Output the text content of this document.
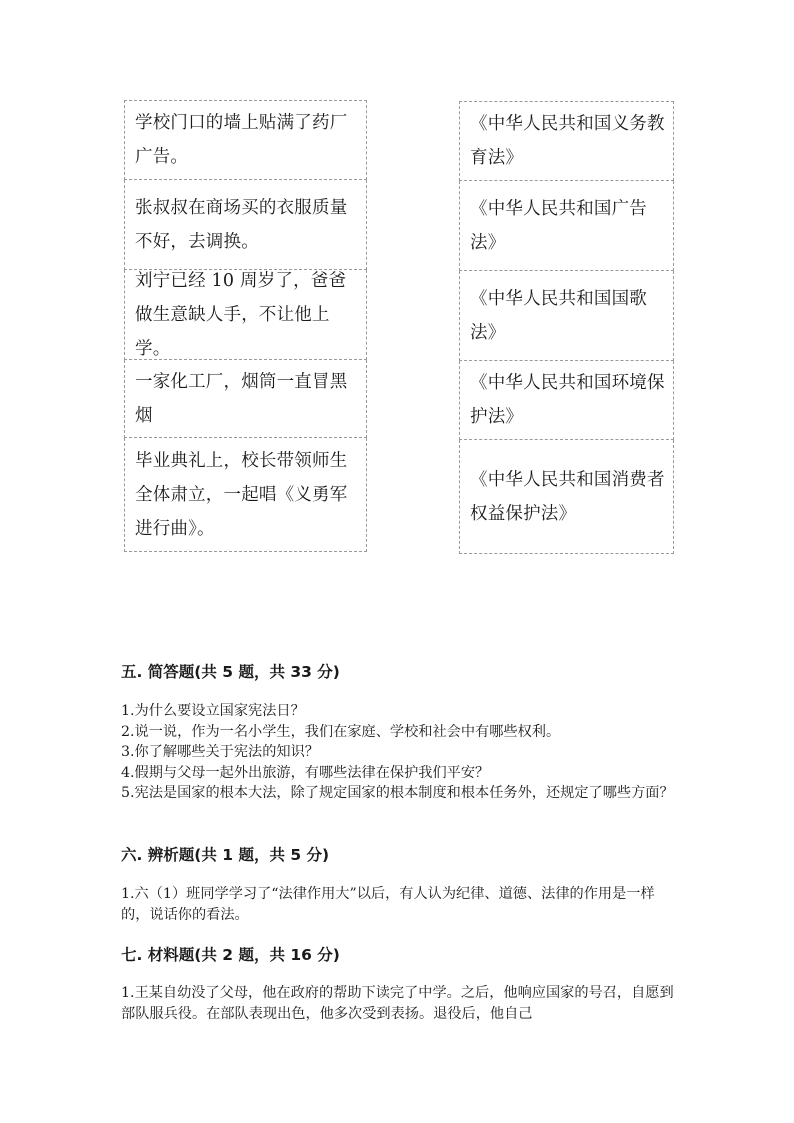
学校门口的墙上贴满了药厂广告。
张叔叔在商场买的衣服质量不好，去调换。
刘宁已经 10 周岁了，爸爸做生意缺人手，不让他上学。
一家化工厂，烟筒一直冒黑烟
毕业典礼上，校长带领师生全体肃立，一起唱《义勇军进行曲》。
《中华人民共和国义务教育法》
《中华人民共和国广告法》
《中华人民共和国国歌法》
《中华人民共和国环境保护法》
《中华人民共和国消费者权益保护法》
五. 简答题(共 5 题，共 33 分)
1.为什么要设立国家宪法日？
2.说一说，作为一名小学生，我们在家庭、学校和社会中有哪些权利。
3.你了解哪些关于宪法的知识？
4.假期与父母一起外出旅游，有哪些法律在保护我们平安？
5.宪法是国家的根本大法，除了规定国家的根本制度和根本任务外，还规定了哪些方面？
六. 辨析题(共 1 题，共 5 分)
1.六（1）班同学学习了“法律作用大”以后，有人认为纪律、道德、法律的作用是一样的，说话你的看法。
七. 材料题(共 2 题，共 16 分)
1.王某自幼没了父母，他在政府的帮助下读完了中学。之后，他响应国家的号召，自愿到部队服兵役。在部队表现出色，他多次受到表扬。退役后，他自己
